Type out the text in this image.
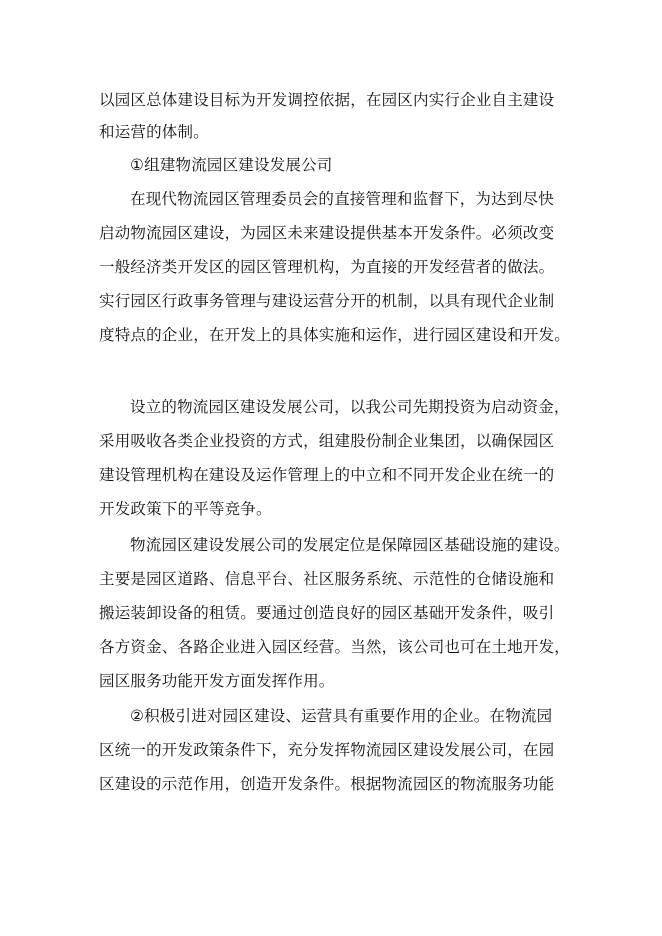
以园区总体建设目标为开发调控依据，在园区内实行企业自主建设
和运营的体制。
①组建物流园区建设发展公司
在现代物流园区管理委员会的直接管理和监督下，为达到尽快
启动物流园区建设，为园区未来建设提供基本开发条件。必须改变
一般经济类开发区的园区管理机构，为直接的开发经营者的做法。
实行园区行政事务管理与建设运营分开的机制，以具有现代企业制
度特点的企业，在开发上的具体实施和运作，进行园区建设和开发。
设立的物流园区建设发展公司，以我公司先期投资为启动资金，
采用吸收各类企业投资的方式，组建股份制企业集团，以确保园区
建设管理机构在建设及运作管理上的中立和不同开发企业在统一的
开发政策下的平等竞争。
物流园区建设发展公司的发展定位是保障园区基础设施的建设。
主要是园区道路、信息平台、社区服务系统、示范性的仓储设施和
搬运装卸设备的租赁。要通过创造良好的园区基础开发条件，吸引
各方资金、各路企业进入园区经营。当然，该公司也可在土地开发，
园区服务功能开发方面发挥作用。
②积极引进对园区建设、运营具有重要作用的企业。在物流园
区统一的开发政策条件下，充分发挥物流园区建设发展公司，在园
区建设的示范作用，创造开发条件。根据物流园区的物流服务功能
